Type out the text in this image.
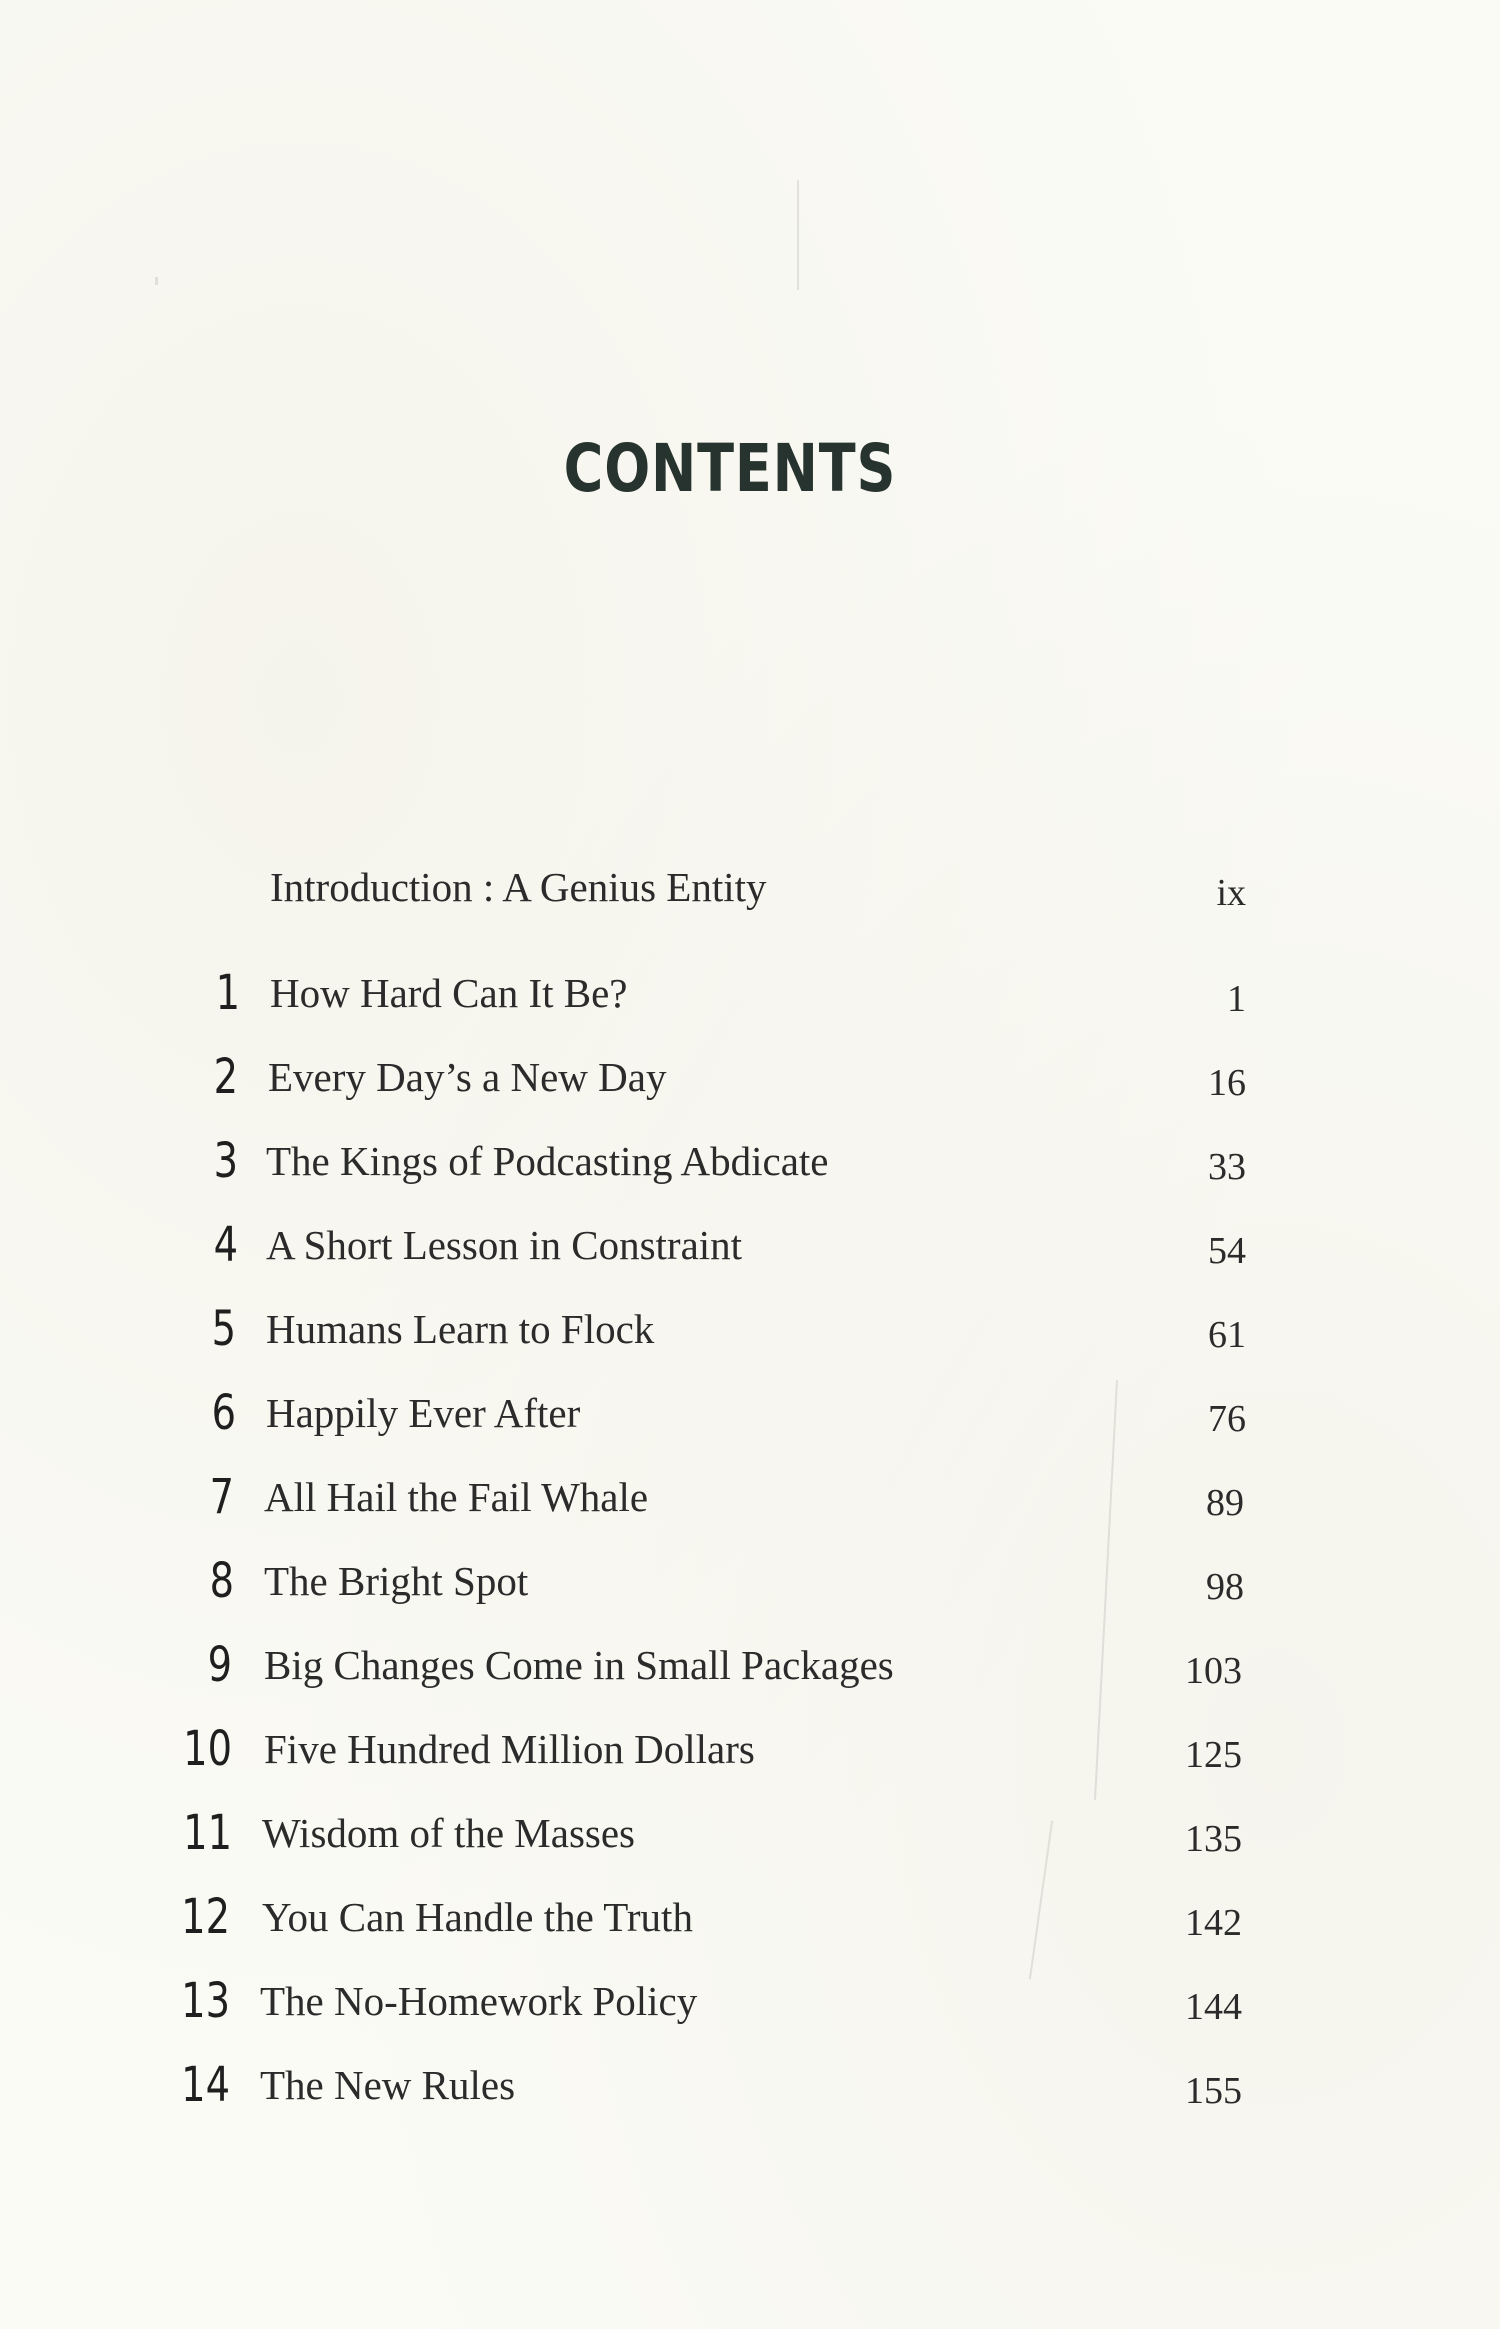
CONTENTS
Introduction : A Genius Entity	ix
1 How Hard Can It Be?	1
2 Every Day’s a New Day	16
3 The Kings of Podcasting Abdicate	33
4 A Short Lesson in Constraint	54
5 Humans Learn to Flock	61
6 Happily Ever After	76
7 All Hail the Fail Whale	89
8 The Bright Spot	98
9 Big Changes Come in Small Packages	103
10 Five Hundred Million Dollars	125
11 Wisdom of the Masses	135
12 You Can Handle the Truth	142
13 The No-Homework Policy	144
14 The New Rules	155
